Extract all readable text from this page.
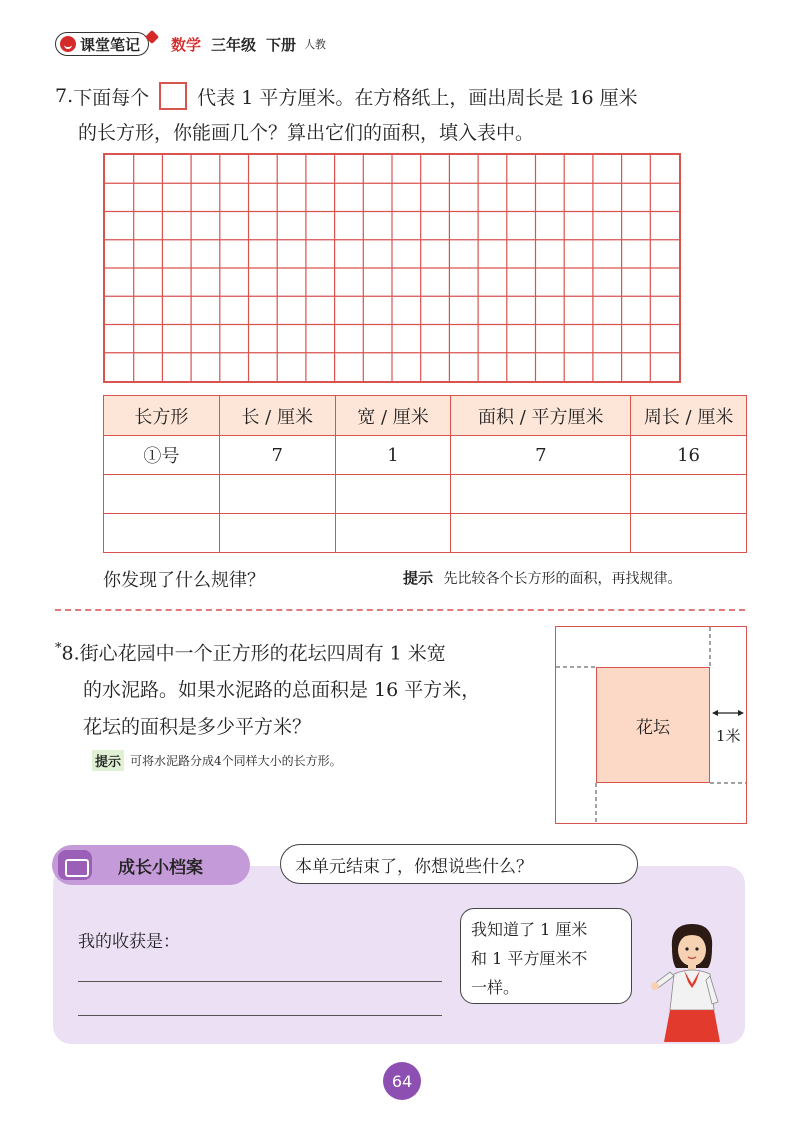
课堂笔记 数学 三年级 下册 人教
7. 下面每个	代表 1 平方厘米。在方格纸上，画出周长是 16 厘米
的长方形，你能画几个？算出它们的面积，填入表中。
长方形	长 / 厘米	宽 / 厘米	面积 / 平方厘米	周长 / 厘米
①号	7	1	7	16

你发现了什么规律？	提示 先比较各个长方形的面积，再找规律。
*8.街心花园中一个正方形的花坛四周有 1 米宽
的水泥路。如果水泥路的总面积是 16 平方米，
花坛的面积是多少平方米？
提示 可将水泥路分成4个同样大小的长方形。
花坛	1米
成长小档案	本单元结束了，你想说些什么？
我的收获是：
我知道了 1 厘米
和 1 平方厘米不
一样。
64
